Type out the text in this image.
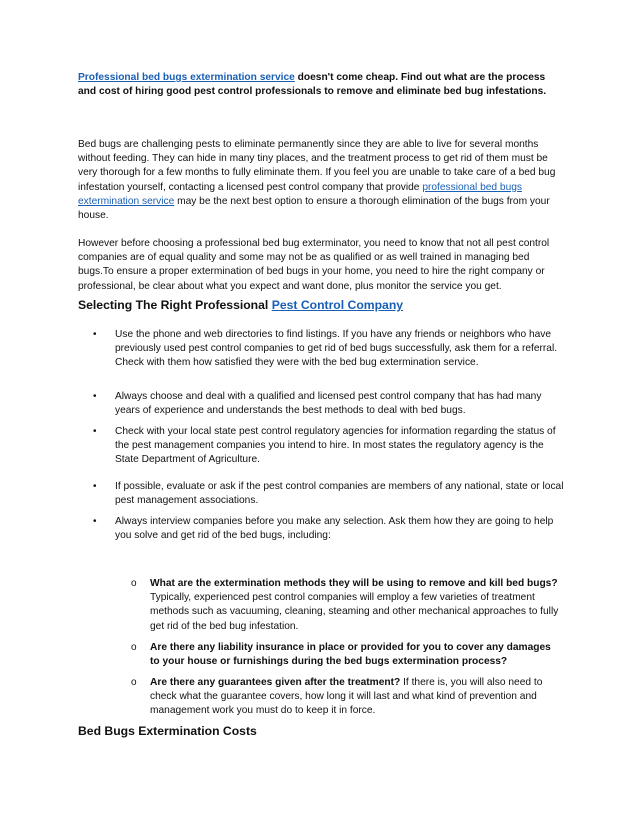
Professional bed bugs extermination service doesn't come cheap. Find out what are the process and cost of hiring good pest control professionals to remove and eliminate bed bug infestations.
Bed bugs are challenging pests to eliminate permanently since they are able to live for several months without feeding. They can hide in many tiny places, and the treatment process to get rid of them must be very thorough for a few months to fully eliminate them. If you feel you are unable to take care of a bed bug infestation yourself, contacting a licensed pest control company that provide professional bed bugs extermination service may be the next best option to ensure a thorough elimination of the bugs from your house.
However before choosing a professional bed bug exterminator, you need to know that not all pest control companies are of equal quality and some may not be as qualified or as well trained in managing bed bugs.To ensure a proper extermination of bed bugs in your home, you need to hire the right company or professional, be clear about what you expect and want done, plus monitor the service you get.
Selecting The Right Professional Pest Control Company
•	Use the phone and web directories to find listings. If you have any friends or neighbors who have previously used pest control companies to get rid of bed bugs successfully, ask them for a referral. Check with them how satisfied they were with the bed bug extermination service.
•	Always choose and deal with a qualified and licensed pest control company that has had many years of experience and understands the best methods to deal with bed bugs.
•	Check with your local state pest control regulatory agencies for information regarding the status of the pest management companies you intend to hire. In most states the regulatory agency is the State Department of Agriculture.
•	If possible, evaluate or ask if the pest control companies are members of any national, state or local pest management associations.
•	Always interview companies before you make any selection. Ask them how they are going to help you solve and get rid of the bed bugs, including:
o	What are the extermination methods they will be using to remove and kill bed bugs? Typically, experienced pest control companies will employ a few varieties of treatment methods such as vacuuming, cleaning, steaming and other mechanical approaches to fully get rid of the bed bug infestation.
o	Are there any liability insurance in place or provided for you to cover any damages to your house or furnishings during the bed bugs extermination process?
o	Are there any guarantees given after the treatment? If there is, you will also need to check what the guarantee covers, how long it will last and what kind of prevention and management work you must do to keep it in force.
Bed Bugs Extermination Costs
